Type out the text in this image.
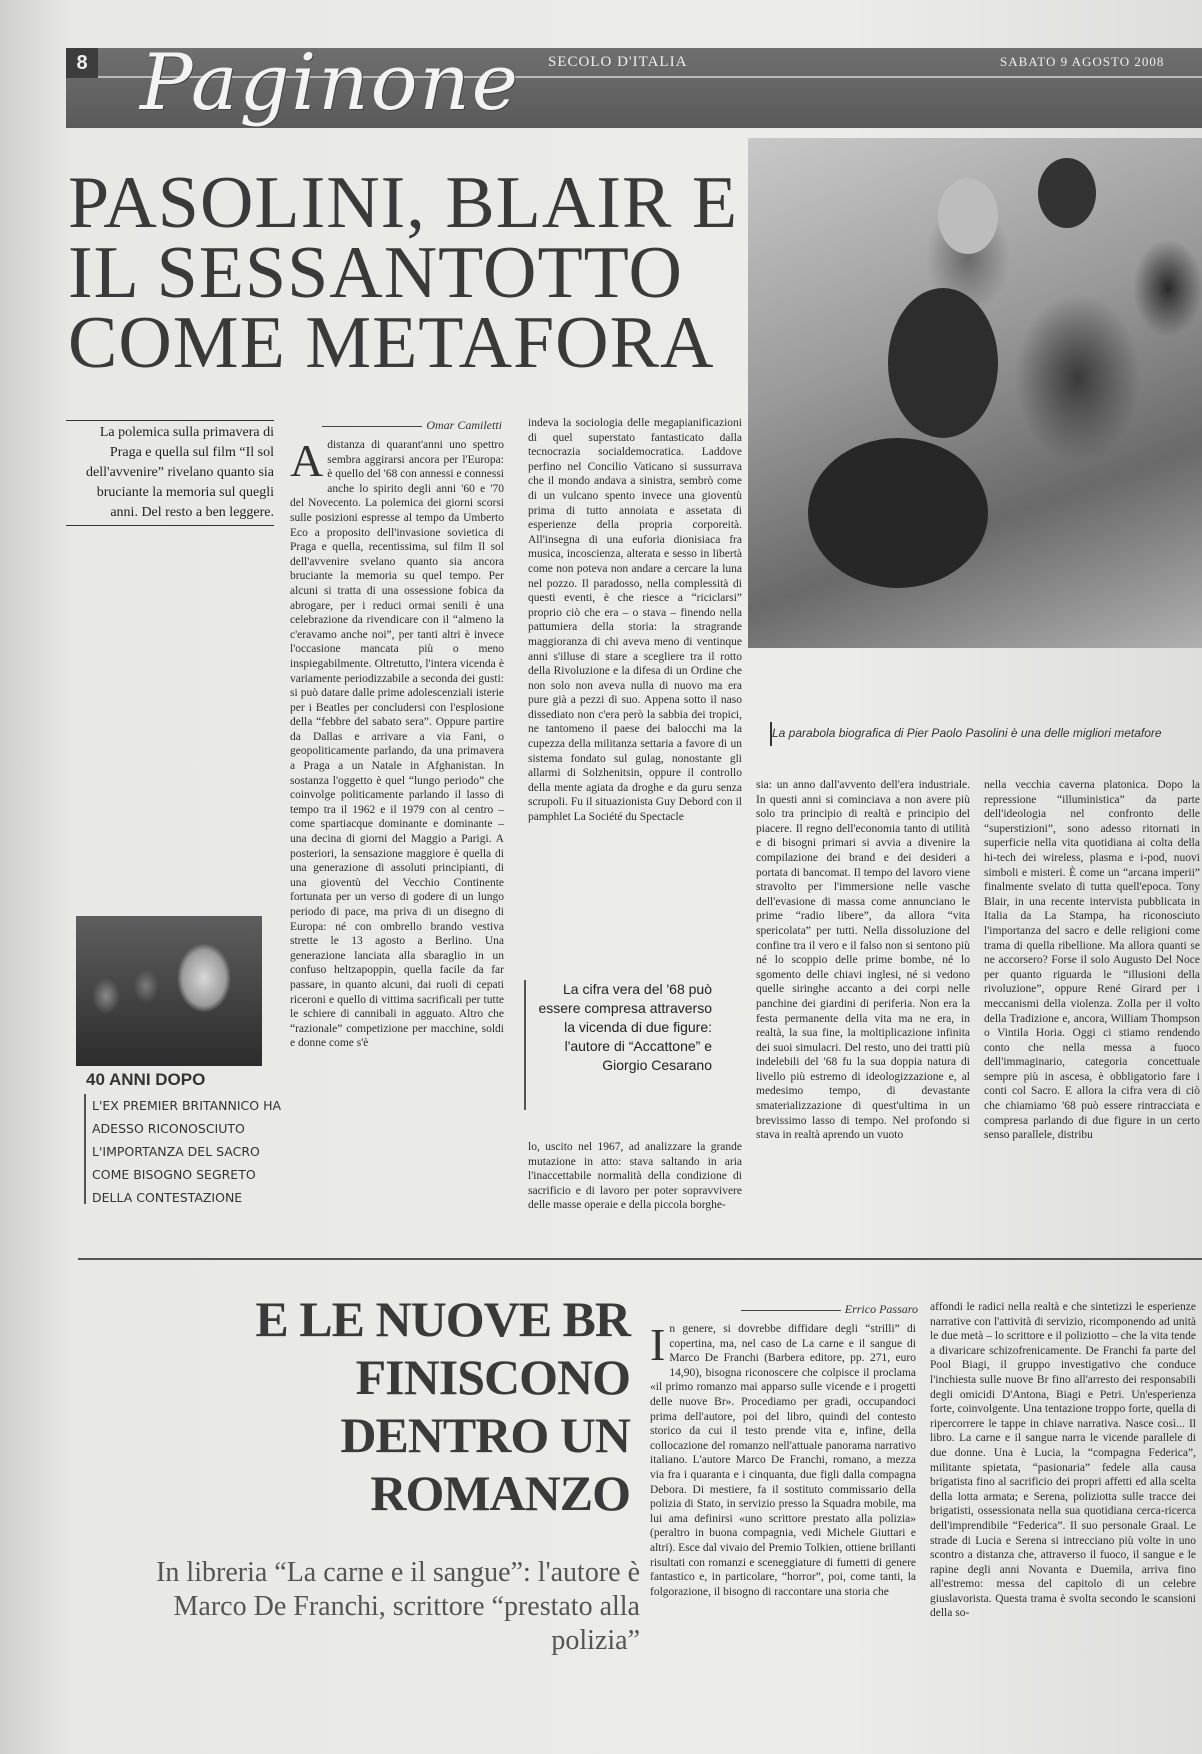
8 Paginone SECOLO D'ITALIA	SABATO 9 AGOSTO 2008
PASOLINI, BLAIR E IL SESSANTOTTO COME METAFORA
La parabola biografica di Pier Paolo Pasolini è una delle migliori metafore
La polemica sulla primavera di Praga e quella sul film “Il sol dell'avvenire” rivelano quanto sia bruciante la memoria sul quegli anni. Del resto a ben leggere.
Omar Camiletti
Adistanza di quarant'anni uno spettro sembra aggirarsi ancora per l'Europa: è quello del '68 con annessi e connessi anche lo spirito degli anni '60 e '70 del Novecento. La polemica dei giorni scorsi sulle posizioni espresse al tempo da Umberto Eco a proposito dell'invasione sovietica di Praga e quella, recentissima, sul film Il sol dell'avvenire svelano quanto sia ancora bruciante la memoria su quel tempo. Per alcuni si tratta di una ossessione fobica da abrogare, per i reduci ormai senili è una celebrazione da rivendicare con il “almeno la c'eravamo anche noi”, per tanti altri è invece l'occasione mancata più o meno inspiegabilmente. Oltretutto, l'intera vicenda è variamente periodizzabile a seconda dei gusti: si può datare dalle prime adolescenziali isterie per i Beatles per concludersi con l'esplosione della “febbre del sabato sera”. Oppure partire da Dallas e arrivare a via Fani, o geopoliticamente parlando, da una primavera a Praga a un Natale in Afghanistan. In sostanza l'oggetto è quel “lungo periodo” che coinvolge politicamente parlando il lasso di tempo tra il 1962 e il 1979 con al centro – come spartiacque dominante e dominante – una decina di giorni del Maggio a Parigi. A posteriori, la sensazione maggiore è quella di una generazione di assoluti principianti, di una gioventù del Vecchio Continente fortunata per un verso di godere di un lungo periodo di pace, ma priva di un disegno di Europa: né con ombrello brando vestiva strette le 13 agosto a Berlino. Una generazione lanciata alla sbaraglio in un confuso heltzapoppin, quella facile da far passare, in quanto alcuni, dai ruoli di cepati riceroni e quello di vittima sacrificali per tutte le schiere di cannibali in agguato. Altro che “razionale” competizione per macchine, soldi e donne come s'è
indeva la sociologia delle megapianificazioni di quel superstato fantasticato dalla tecnocrazia socialdemocratica. Laddove perfino nel Concilio Vaticano si sussurrava che il mondo andava a sinistra, sembrò come di un vulcano spento invece una gioventù prima di tutto annoiata e assetata di esperienze della propria corporeità. All'insegna di una euforia dionisiaca fra musica, incoscienza, alterata e sesso in libertà come non poteva non andare a cercare la luna nel pozzo. Il paradosso, nella complessità di questi eventi, è che riesce a “riciclarsi” proprio ciò che era – o stava – finendo nella pattumiera della storia: la stragrande maggioranza di chi aveva meno di ventinque anni s'illuse di stare a scegliere tra il rotto della Rivoluzione e la difesa di un Ordine che non solo non aveva nulla di nuovo ma era pure già a pezzi di suo. Appena sotto il naso dissediato non c'era però la sabbia dei tropici, ne tantomeno il paese dei balocchi ma la cupezza della militanza settaria a favore di un sistema fondato sul gulag, nonostante gli allarmi di Solzhenitsin, oppure il controllo della mente agiata da droghe e da guru senza scrupoli. Fu il situazionista Guy Debord con il pamphlet La Société du Spectacle
La cifra vera del '68 può essere compresa attraverso la vicenda di due figure: l'autore di “Accattone” e Giorgio Cesarano
lo, uscito nel 1967, ad analizzare la grande mutazione in atto: stava saltando in aria l'inaccettabile normalità della condizione di sacrificio e di lavoro per poter sopravvivere delle masse operaie e della piccola borghe-
sia: un anno dall'avvento dell'era industriale. In questi anni si cominciava a non avere più solo tra principio di realtà e principio del piacere. Il regno dell'economia tanto di utilità e di bisogni primari si avvia a divenire la compilazione dei brand e dei desideri a portata di bancomat. Il tempo del lavoro viene stravolto per l'immersione nelle vasche dell'evasione di massa come annunciano le prime “radio libere”, da allora “vita spericolata” per tutti. Nella dissoluzione del confine tra il vero e il falso non si sentono più né lo scoppio delle prime bombe, né lo sgomento delle chiavi inglesi, né si vedono quelle siringhe accanto a dei corpi nelle panchine dei giardini di periferia. Non era la festa permanente della vita ma ne era, in realtà, la sua fine, la moltiplicazione infinita dei suoi simulacri. Del resto, uno dei tratti più indelebili del '68 fu la sua doppia natura di livello più estremo di ideologizzazione e, al medesimo tempo, di devastante smaterializzazione di quest'ultima in un brevissimo lasso di tempo. Nel profondo si stava in realtà aprendo un vuoto
nella vecchia caverna platonica. Dopo la repressione “illuministica” da parte dell'ideologia nel confronto delle “superstizioni”, sono adesso ritornati in superficie nella vita quotidiana ai colta della hi-tech dei wireless, plasma e i-pod, nuovi simboli e misteri. È come un “arcana imperii” finalmente svelato di tutta quell'epoca. Tony Blair, in una recente intervista pubblicata in Italia da La Stampa, ha riconosciuto l'importanza del sacro e delle religioni come trama di quella ribellione. Ma allora quanti se ne accorsero? Forse il solo Augusto Del Noce per quanto riguarda le “illusioni della rivoluzione”, oppure René Girard per i meccanismi della violenza. Zolla per il volto della Tradizione e, ancora, William Thompson o Vintila Horia. Oggi ci stiamo rendendo conto che nella messa a fuoco dell'immaginario, categoria concettuale sempre più in ascesa, è obbligatorio fare i conti col Sacro. E allora la cifra vera di ciò che chiamiamo '68 può essere rintracciata e compresa parlando di due figure in un certo senso parallele, distribu
40 ANNI DOPO
L'EX PREMIER BRITANNICO HA ADESSO RICONOSCIUTO L'IMPORTANZA DEL SACRO COME BISOGNO SEGRETO DELLA CONTESTAZIONE
E LE NUOVE BR FINISCONO DENTRO UN ROMANZO
In libreria “La carne e il sangue”: l'autore è Marco De Franchi, scrittore “prestato alla polizia”
Errico Passaro
In genere, si dovrebbe diffidare degli “strilli” di copertina, ma, nel caso de La carne e il sangue di Marco De Franchi (Barbera editore, pp. 271, euro 14,90), bisogna riconoscere che colpisce il proclama «il primo romanzo mai apparso sulle vicende e i progetti delle nuove Br». Procediamo per gradi, occupandoci prima dell'autore, poi del libro, quindi del contesto storico da cui il testo prende vita e, infine, della collocazione del romanzo nell'attuale panorama narrativo italiano. L'autore Marco De Franchi, romano, a mezza via fra i quaranta e i cinquanta, due figli dalla compagna Debora. Di mestiere, fa il sostituto commissario della polizia di Stato, in servizio presso la Squadra mobile, ma lui ama definirsi «uno scrittore prestato alla polizia» (peraltro in buona compagnia, vedi Michele Giuttari e altri). Esce dal vivaio del Premio Tolkien, ottiene brillanti risultati con romanzi e sceneggiature di fumetti di genere fantastico e, in particolare, “horror”, poi, come tanti, la folgorazione, il bisogno di raccontare una storia che
affondi le radici nella realtà e che sintetizzi le esperienze narrative con l'attività di servizio, ricomponendo ad unità le due metà – lo scrittore e il poliziotto – che la vita tende a divaricare schizofrenicamente. De Franchi fa parte del Pool Biagi, il gruppo investigativo che conduce l'inchiesta sulle nuove Br fino all'arresto dei responsabili degli omicidi D'Antona, Biagi e Petri. Un'esperienza forte, coinvolgente. Una tentazione troppo forte, quella di ripercorrere le tappe in chiave narrativa. Nasce così... Il libro. La carne e il sangue narra le vicende parallele di due donne. Una è Lucia, la “compagna Federica”, militante spietata, “pasionaria” fedele alla causa brigatista fino al sacrificio dei propri affetti ed alla scelta della lotta armata; e Serena, poliziotta sulle tracce dei brigatisti, ossessionata nella sua quotidiana cerca-ricerca dell'imprendibile “Federica”. Il suo personale Graal. Le strade di Lucia e Serena si intrecciano più volte in uno scontro a distanza che, attraverso il fuoco, il sangue e le rapine degli anni Novanta e Duemila, arriva fino all'estremo: messa del capitolo di un celebre giuslavorista. Questa trama è svolta secondo le scansioni della so-
